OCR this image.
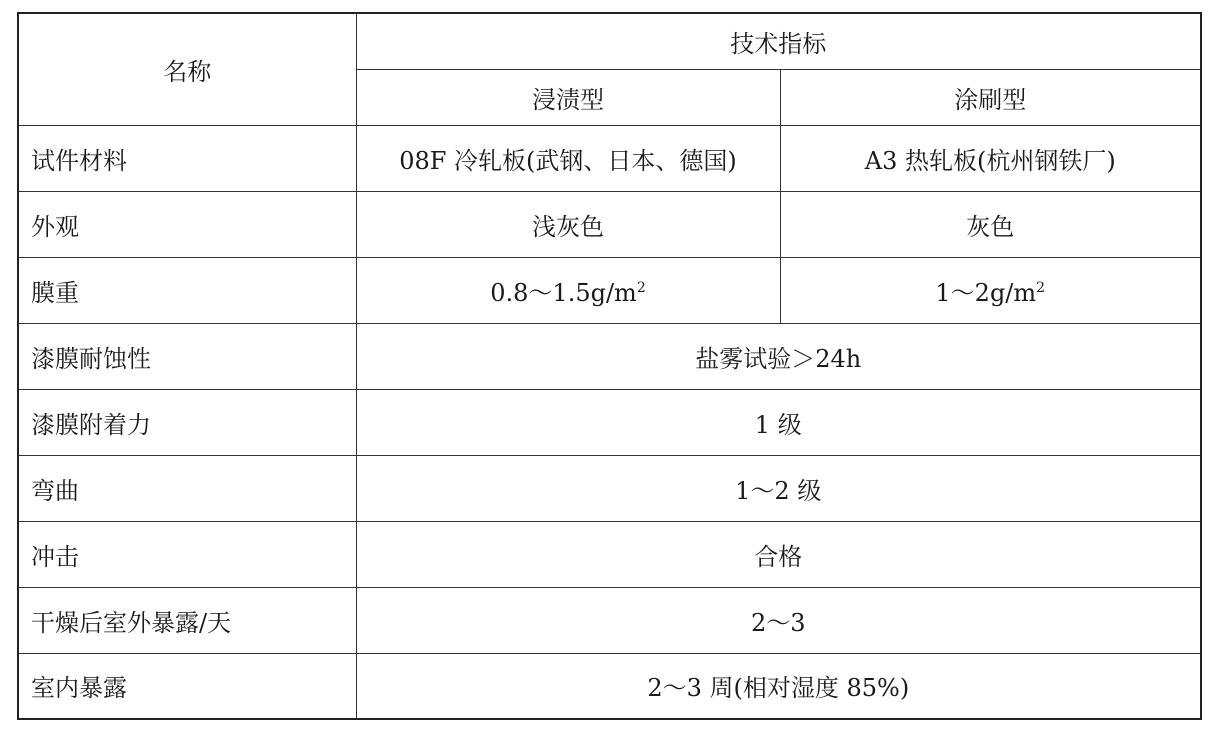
名称	技术指标	
	浸渍型	涂刷型
试件材料	08F 冷轧板(武钢、日本、德国)	A3 热轧板(杭州钢铁厂)
外观	浅灰色	灰色
膜重	$0.8\sim 1.5g/m^2$	$1\sim 2g/m^2$
漆膜耐蚀性	盐雾试验＞24h	
漆膜附着力	1 级	
弯曲	1～2 级	
冲击	合格	
干燥后室外暴露/天	2～3	
室内暴露	2～3 周(相对湿度 85%)	
